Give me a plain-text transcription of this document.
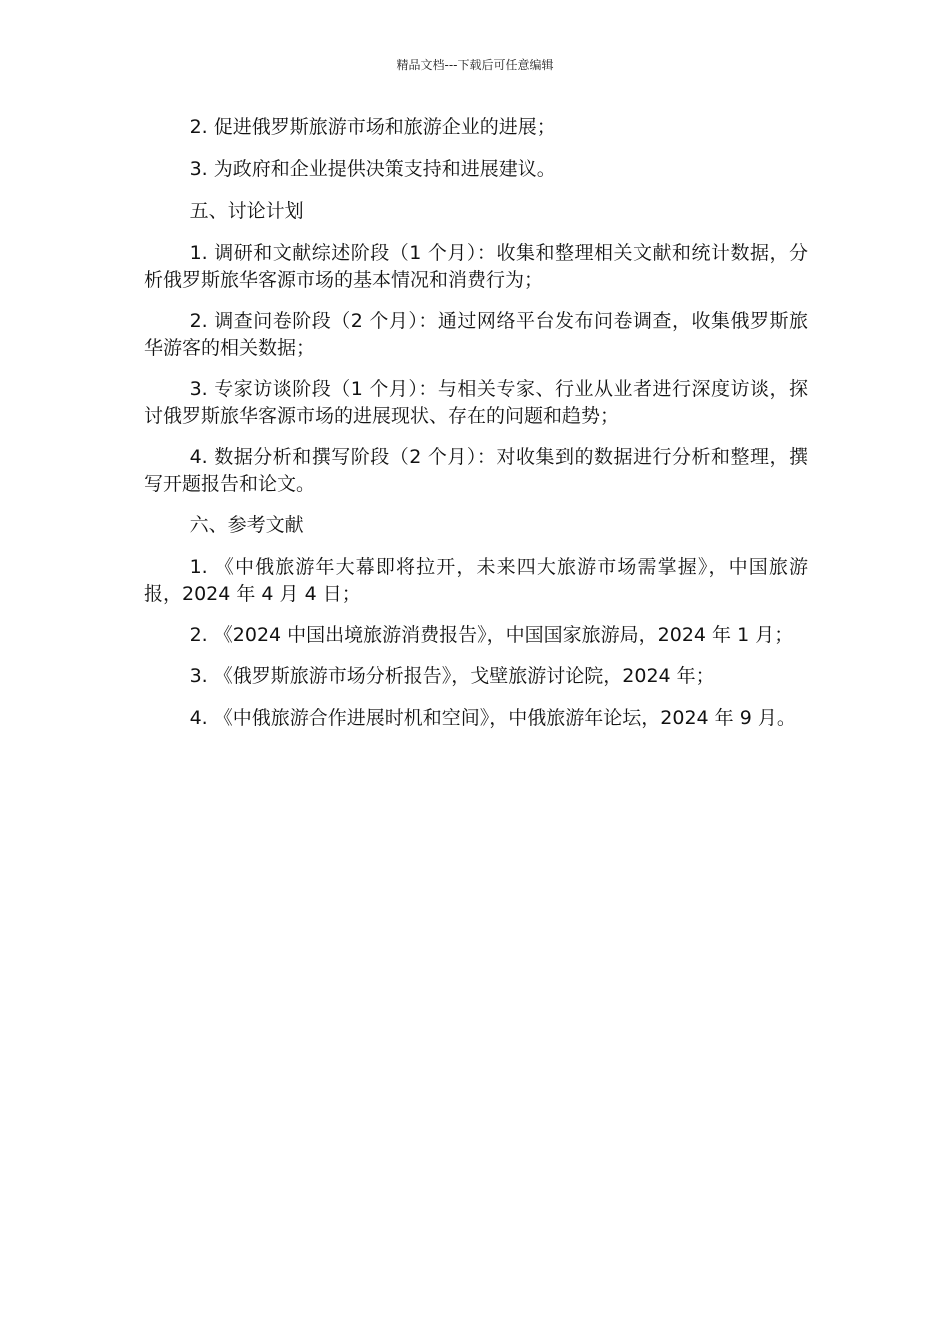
精品文档---下载后可任意编辑

2. 促进俄罗斯旅游市场和旅游企业的进展；

3. 为政府和企业提供决策支持和进展建议。

五、讨论计划

1. 调研和文献综述阶段（1 个月）：收集和整理相关文献和统计数据，分析俄罗斯旅华客源市场的基本情况和消费行为；

2. 调查问卷阶段（2 个月）：通过网络平台发布问卷调查，收集俄罗斯旅华游客的相关数据；

3. 专家访谈阶段（1 个月）：与相关专家、行业从业者进行深度访谈，探讨俄罗斯旅华客源市场的进展现状、存在的问题和趋势；

4. 数据分析和撰写阶段（2 个月）：对收集到的数据进行分析和整理，撰写开题报告和论文。

六、参考文献

1. 《中俄旅游年大幕即将拉开，未来四大旅游市场需掌握》，中国旅游报，2024 年 4 月 4 日；

2. 《2024 中国出境旅游消费报告》，中国国家旅游局，2024 年 1 月；

3. 《俄罗斯旅游市场分析报告》，戈壁旅游讨论院，2024 年；

4. 《中俄旅游合作进展时机和空间》，中俄旅游年论坛，2024 年 9 月。
